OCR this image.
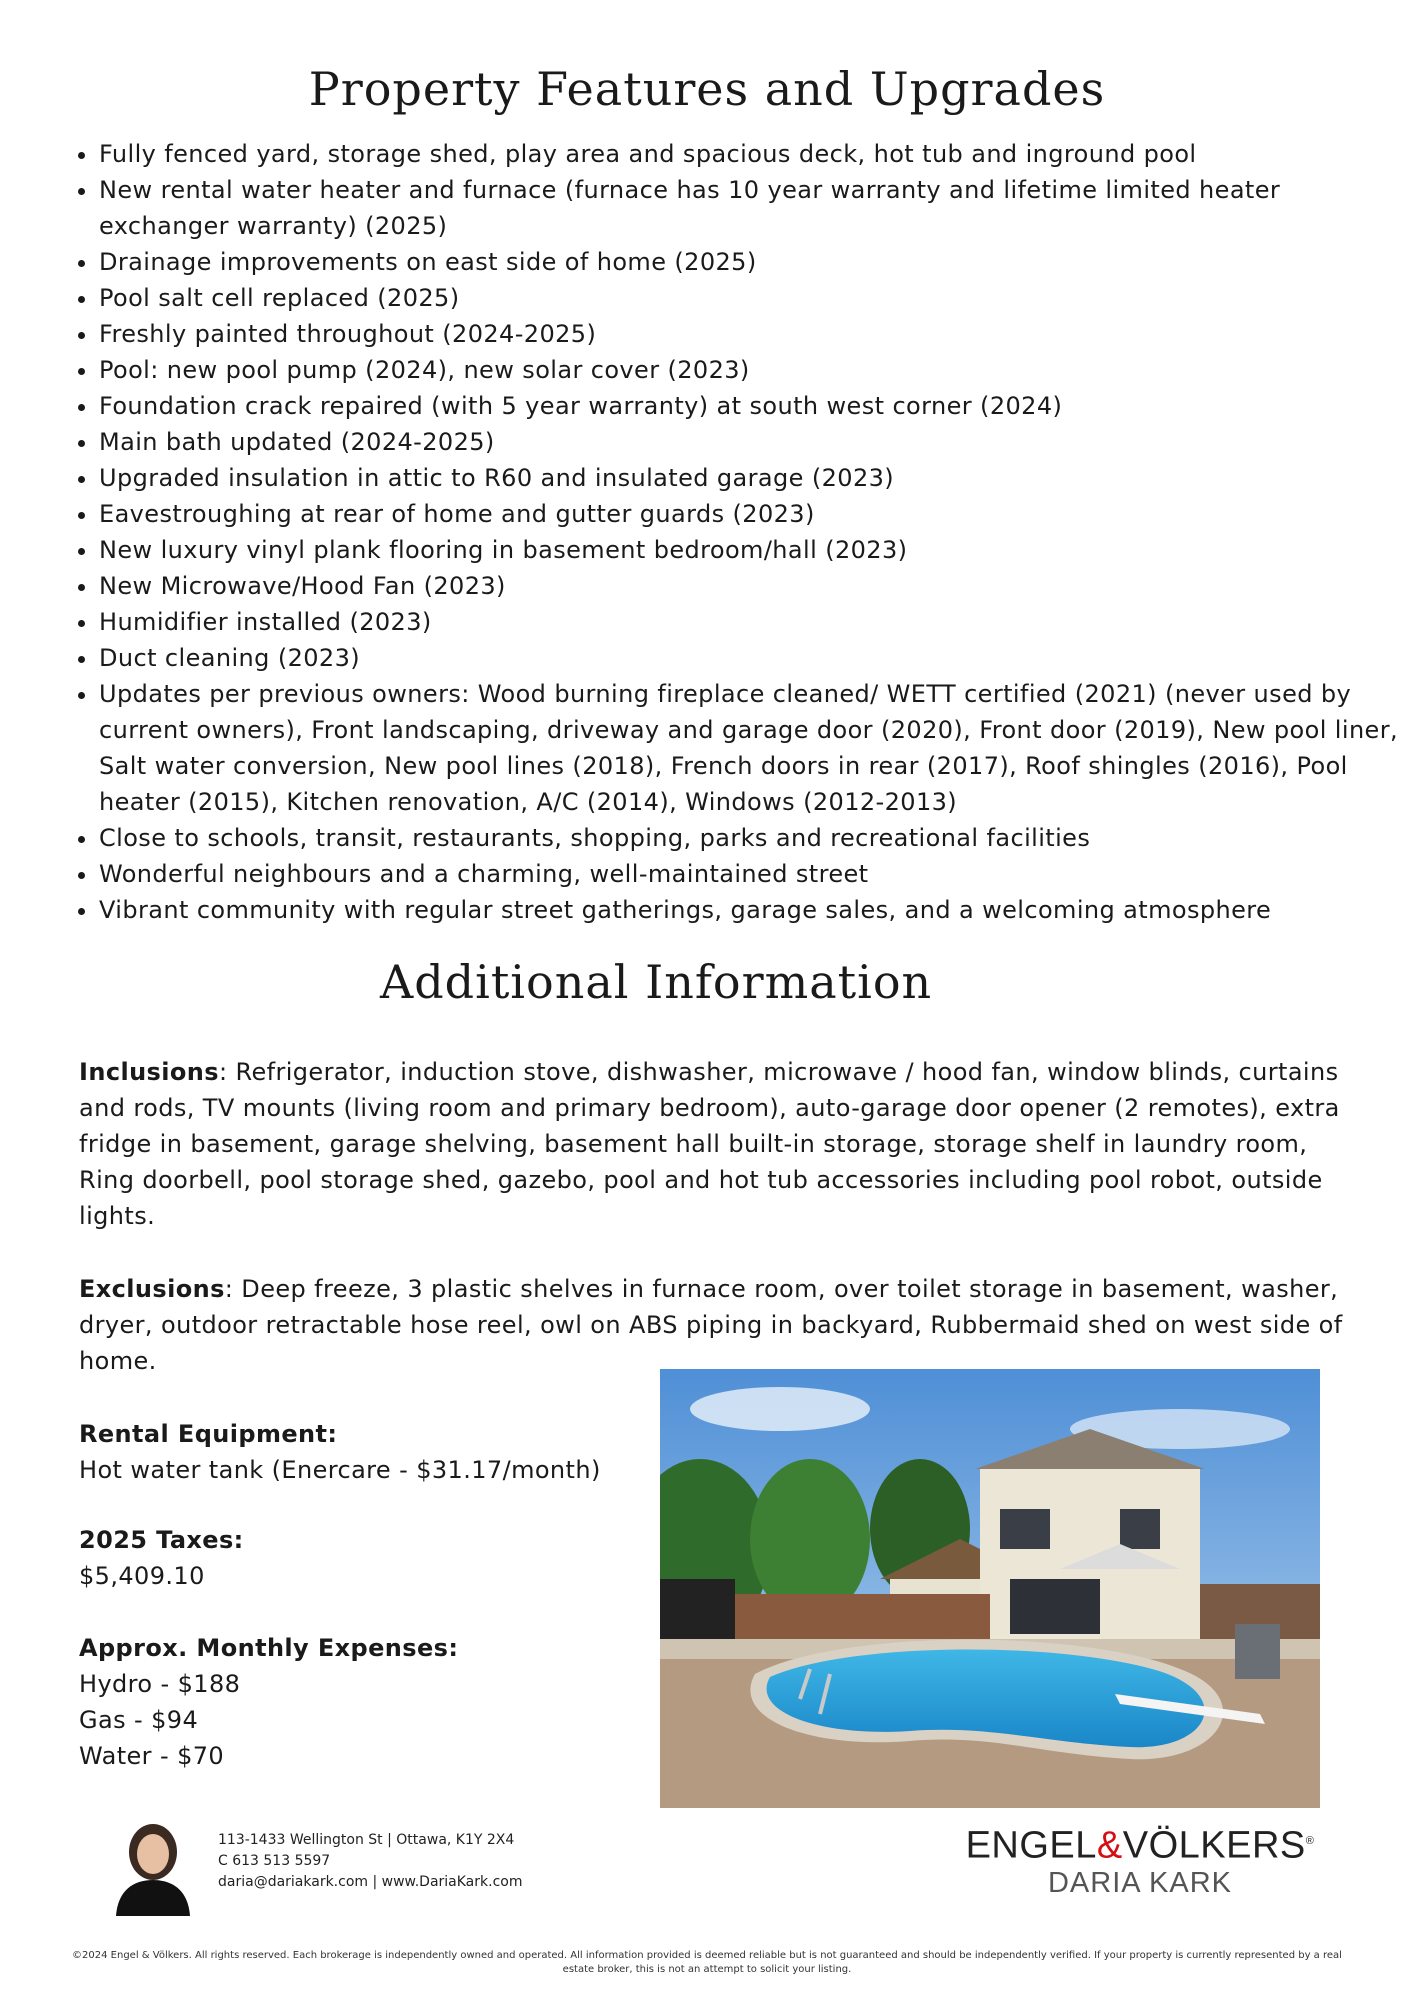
Property Features and Upgrades
• Fully fenced yard, storage shed, play area and spacious deck, hot tub and inground pool
• New rental water heater and furnace (furnace has 10 year warranty and lifetime limited heater exchanger warranty) (2025)
• Drainage improvements on east side of home (2025)
• Pool salt cell replaced (2025)
• Freshly painted throughout (2024-2025)
• Pool: new pool pump (2024), new solar cover (2023)
• Foundation crack repaired (with 5 year warranty) at south west corner (2024)
• Main bath updated (2024-2025)
• Upgraded insulation in attic to R60 and insulated garage (2023)
• Eavestroughing at rear of home and gutter guards (2023)
• New luxury vinyl plank flooring in basement bedroom/hall (2023)
• New Microwave/Hood Fan (2023)
• Humidifier installed (2023)
• Duct cleaning (2023)
• Updates per previous owners: Wood burning fireplace cleaned/ WETT certified (2021) (never used by current owners), Front landscaping, driveway and garage door (2020), Front door (2019), New pool liner, Salt water conversion, New pool lines (2018), French doors in rear (2017), Roof shingles (2016), Pool heater (2015), Kitchen renovation, A/C (2014), Windows (2012-2013)
• Close to schools, transit, restaurants, shopping, parks and recreational facilities
• Wonderful neighbours and a charming, well-maintained street
• Vibrant community with regular street gatherings, garage sales, and a welcoming atmosphere
Additional Information

Inclusions: Refrigerator, induction stove, dishwasher, microwave / hood fan, window blinds, curtains and rods, TV mounts (living room and primary bedroom), auto-garage door opener (2 remotes), extra fridge in basement, garage shelving, basement hall built-in storage, storage shelf in laundry room, Ring doorbell, pool storage shed, gazebo, pool and hot tub accessories including pool robot, outside lights.

Exclusions: Deep freeze, 3 plastic shelves in furnace room, over toilet storage in basement, washer, dryer, outdoor retractable hose reel, owl on ABS piping in backyard, Rubbermaid shed on west side of home.

Rental Equipment:
Hot water tank (Enercare - $31.17/month)
2025 Taxes:
$5,409.10
Approx. Monthly Expenses:
Hydro - $188
Gas - $94
Water - $70
113-1433 Wellington St | Ottawa, K1Y 2X4
C 613 513 5597
daria@dariakark.com | www.DariaKark.com
ENGEL&VÖLKERS®
DARIA KARK
©2024 Engel & Völkers. All rights reserved. Each brokerage is independently owned and operated. All information provided is deemed reliable but is not guaranteed and should be independently verified. If your property is currently represented by a real estate broker, this is not an attempt to solicit your listing.
